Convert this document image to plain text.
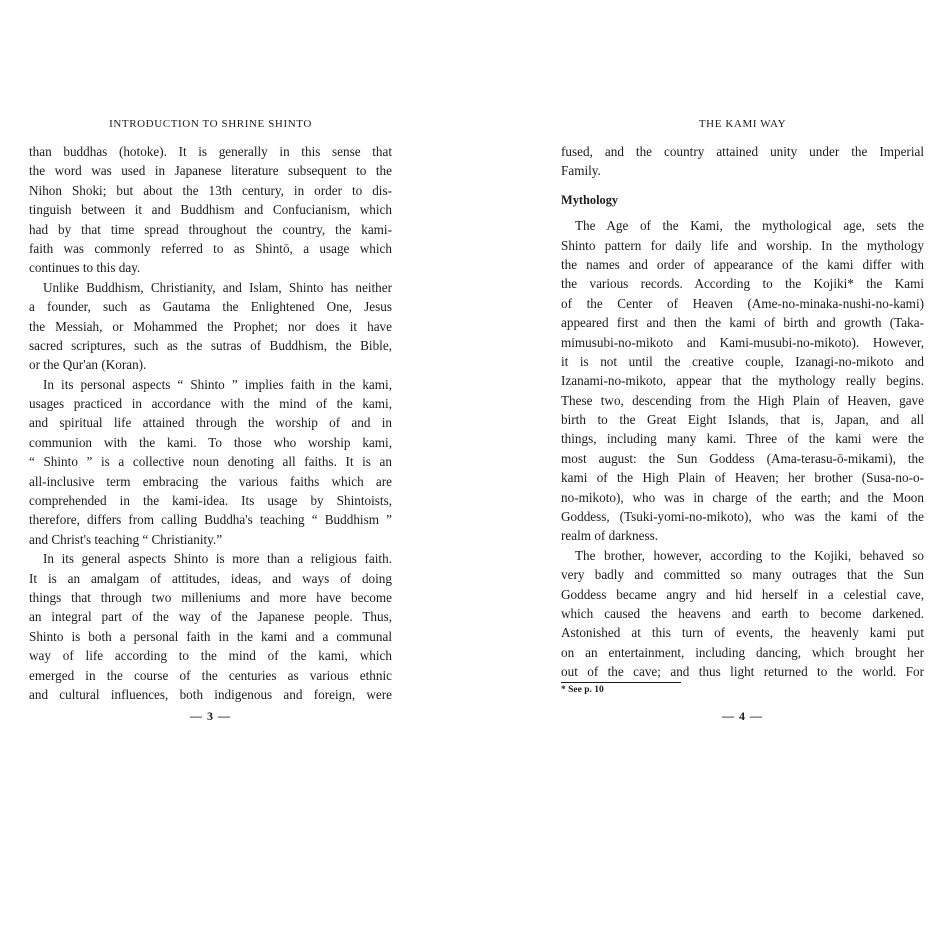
INTRODUCTION TO SHRINE SHINTO
than buddhas (hotoke). It is generally in this sense that
the word was used in Japanese literature subsequent to the
Nihon Shoki; but about the 13th century, in order to dis-
tinguish between it and Buddhism and Confucianism, which
had by that time spread throughout the country, the kami-
faith was commonly referred to as Shintō, a usage which
continues to this day.
Unlike Buddhism, Christianity, and Islam, Shinto has neither
a founder, such as Gautama the Enlightened One, Jesus
the Messiah, or Mohammed the Prophet; nor does it have
sacred scriptures, such as the sutras of Buddhism, the Bible,
or the Qur'an (Koran).
In its personal aspects “ Shinto ” implies faith in the kami,
usages practiced in accordance with the mind of the kami,
and spiritual life attained through the worship of and in
communion with the kami. To those who worship kami,
“ Shinto ” is a collective noun denoting all faiths. It is an
all-inclusive term embracing the various faiths which are
comprehended in the kami-idea. Its usage by Shintoists,
therefore, differs from calling Buddha's teaching “ Buddhism ”
and Christ's teaching “ Christianity.”
In its general aspects Shinto is more than a religious faith.
It is an amalgam of attitudes, ideas, and ways of doing
things that through two milleniums and more have become
an integral part of the way of the Japanese people. Thus,
Shinto is both a personal faith in the kami and a communal
way of life according to the mind of the kami, which
emerged in the course of the centuries as various ethnic
and cultural influences, both indigenous and foreign, were
— 3 —
THE KAMI WAY
fused, and the country attained unity under the Imperial
Family.
Mythology
The Age of the Kami, the mythological age, sets the
Shinto pattern for daily life and worship. In the mythology
the names and order of appearance of the kami differ with
the various records. According to the Kojiki* the Kami
of the Center of Heaven (Ame-no-minaka-nushi-no-kami)
appeared first and then the kami of birth and growth (Taka-
mimusubi-no-mikoto and Kami-musubi-no-mikoto). However,
it is not until the creative couple, Izanagi-no-mikoto and
Izanami-no-mikoto, appear that the mythology really begins.
These two, descending from the High Plain of Heaven, gave
birth to the Great Eight Islands, that is, Japan, and all
things, including many kami. Three of the kami were the
most august: the Sun Goddess (Ama-terasu-ō-mikami), the
kami of the High Plain of Heaven; her brother (Susa-no-o-
no-mikoto), who was in charge of the earth; and the Moon
Goddess, (Tsuki-yomi-no-mikoto), who was the kami of the
realm of darkness.
The brother, however, according to the Kojiki, behaved so
very badly and committed so many outrages that the Sun
Goddess became angry and hid herself in a celestial cave,
which caused the heavens and earth to become darkened.
Astonished at this turn of events, the heavenly kami put
on an entertainment, including dancing, which brought her
out of the cave; and thus light returned to the world. For
* See p. 10
— 4 —
